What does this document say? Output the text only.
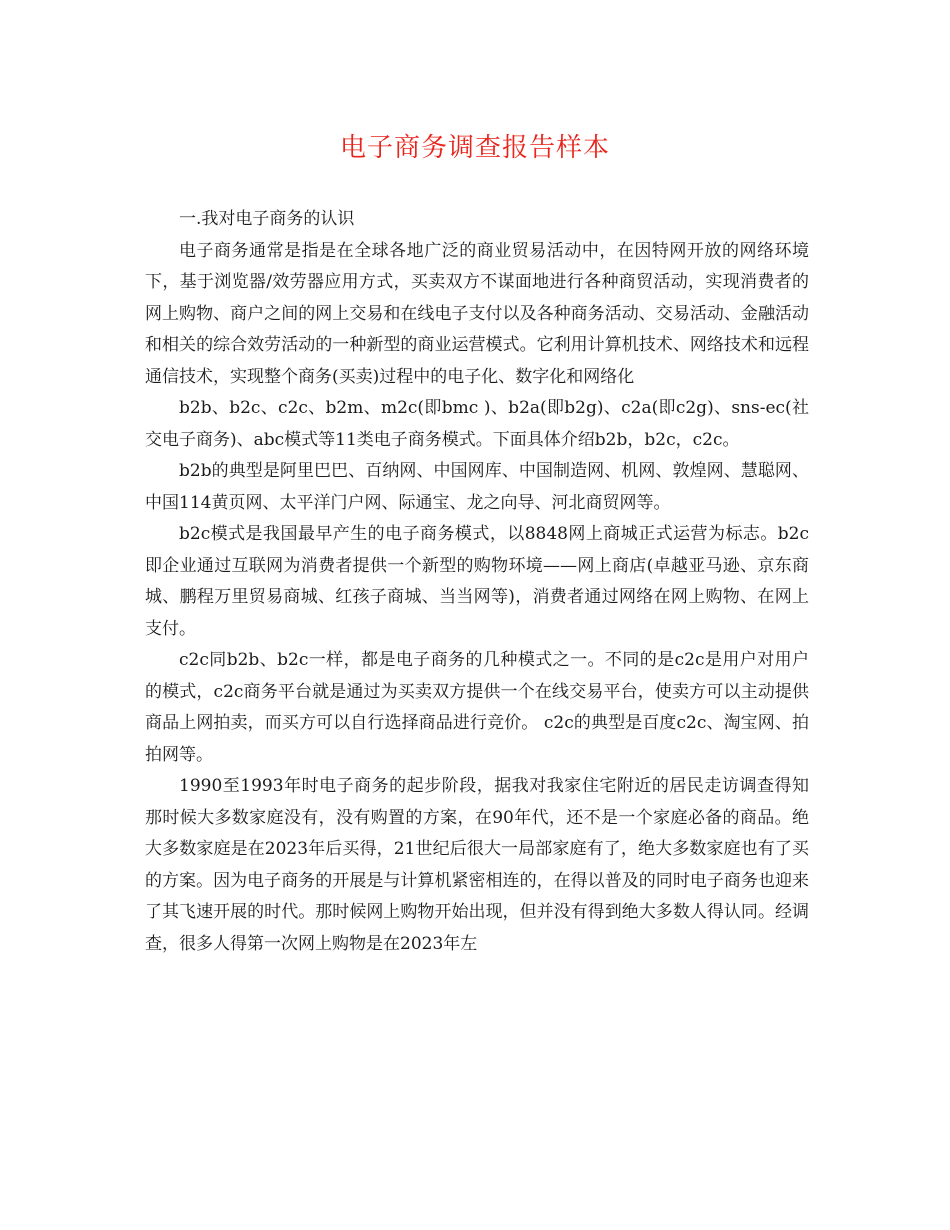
电子商务调查报告样本

一.我对电子商务的认识

电子商务通常是指是在全球各地广泛的商业贸易活动中，在因特网开放的网络环境下，基于浏览器/效劳器应用方式，买卖双方不谋面地进行各种商贸活动，实现消费者的网上购物、商户之间的网上交易和在线电子支付以及各种商务活动、交易活动、金融活动和相关的综合效劳活动的一种新型的商业运营模式。它利用计算机技术、网络技术和远程通信技术，实现整个商务(买卖)过程中的电子化、数字化和网络化

b2b、b2c、c2c、b2m、m2c(即bmc )、b2a(即b2g)、c2a(即c2g)、sns-ec(社交电子商务)、abc模式等11类电子商务模式。下面具体介绍b2b，b2c，c2c。

b2b的典型是阿里巴巴、百纳网、中国网库、中国制造网、机网、敦煌网、慧聪网、中国114黄页网、太平洋门户网、际通宝、龙之向导、河北商贸网等。

b2c模式是我国最早产生的电子商务模式，以8848网上商城正式运营为标志。b2c即企业通过互联网为消费者提供一个新型的购物环境——网上商店(卓越亚马逊、京东商城、鹏程万里贸易商城、红孩子商城、当当网等)，消费者通过网络在网上购物、在网上支付。

c2c同b2b、b2c一样，都是电子商务的几种模式之一。不同的是c2c是用户对用户的模式，c2c商务平台就是通过为买卖双方提供一个在线交易平台，使卖方可以主动提供商品上网拍卖，而买方可以自行选择商品进行竞价。 c2c的典型是百度c2c、淘宝网、拍拍网等。

1990至1993年时电子商务的起步阶段，据我对我家住宅附近的居民走访调查得知那时候大多数家庭没有，没有购置的方案，在90年代，还不是一个家庭必备的商品。绝大多数家庭是在2023年后买得，21世纪后很大一局部家庭有了，绝大多数家庭也有了买的方案。因为电子商务的开展是与计算机紧密相连的，在得以普及的同时电子商务也迎来了其飞速开展的时代。那时候网上购物开始出现，但并没有得到绝大多数人得认同。经调查，很多人得第一次网上购物是在2023年左
